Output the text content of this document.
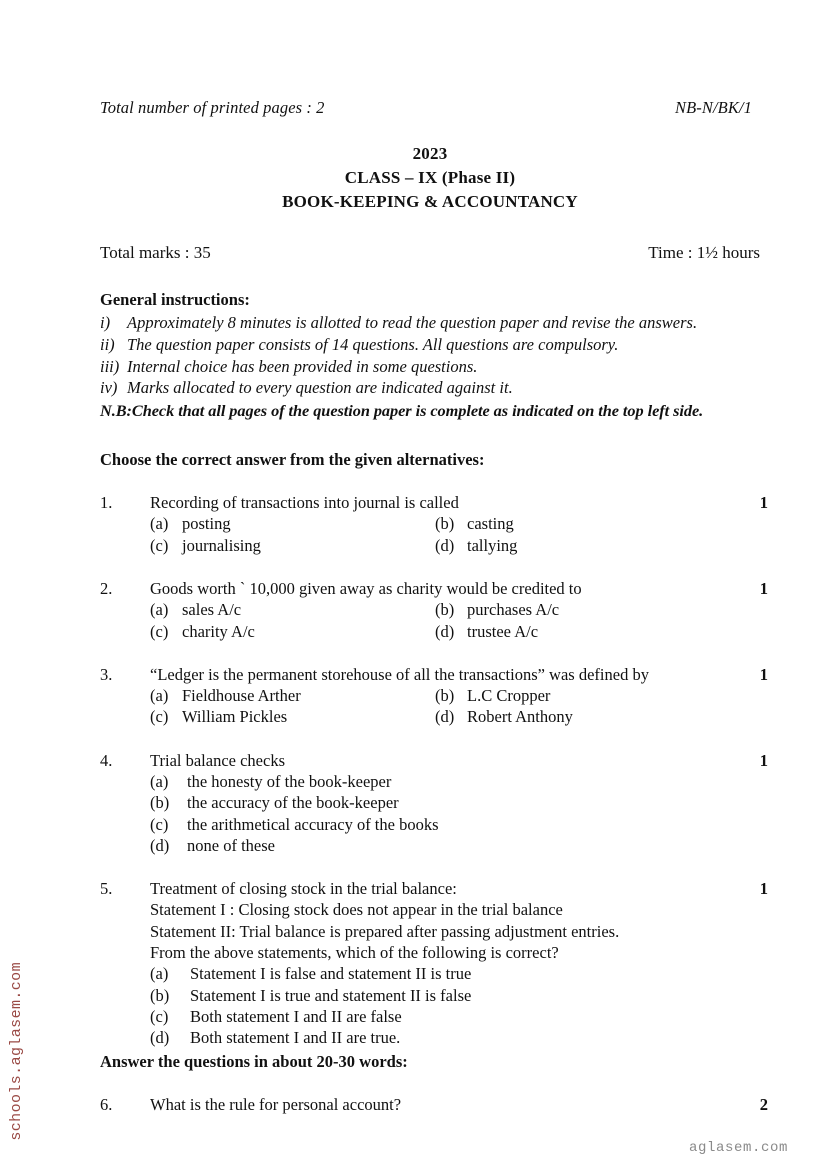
schools.aglasem.com
aglasem.com
Total number of printed pages : 2	NB-N/BK/1
2023
CLASS – IX (Phase II)
BOOK-KEEPING & ACCOUNTANCY
Total marks : 35	Time : 1½ hours
General instructions:
i)	Approximately 8 minutes is allotted to read the question paper and revise the answers.
ii) The question paper consists of 14 questions. All questions are compulsory.
iii) Internal choice has been provided in some questions.
iv) Marks allocated to every question are indicated against it.
N.B:Check that all pages of the question paper is complete as indicated on the top left side.
Choose the correct answer from the given alternatives:
1
1.	Recording of transactions into journal is called
(a) posting	(b) casting
(c) journalising	(d) tallying
1
2.	Goods worth ` 10,000 given away as charity would be credited to
(a) sales A/c	(b) purchases A/c
(c) charity A/c	(d) trustee A/c
1
3.	“Ledger is the permanent storehouse of all the transactions” was defined by
(a) Fieldhouse Arther	(b) L.C Cropper
(c) William Pickles	(d) Robert Anthony
1
4.	Trial balance checks
(a)	the honesty of the book-keeper
(b)	the accuracy of the book-keeper
(c)	the arithmetical accuracy of the books
(d)	none of these
1
5.	Treatment of closing stock in the trial balance:
Statement I : Closing stock does not appear in the trial balance
Statement II: Trial balance is prepared after passing adjustment entries.
From the above statements, which of the following is correct?
(a)	Statement I is false and statement II is true
(b)	Statement I is true and statement II is false
(c)	Both statement I and II are false
(d)	Both statement I and II are true.
Answer the questions in about 20-30 words:
2
6.	What is the rule for personal account?
